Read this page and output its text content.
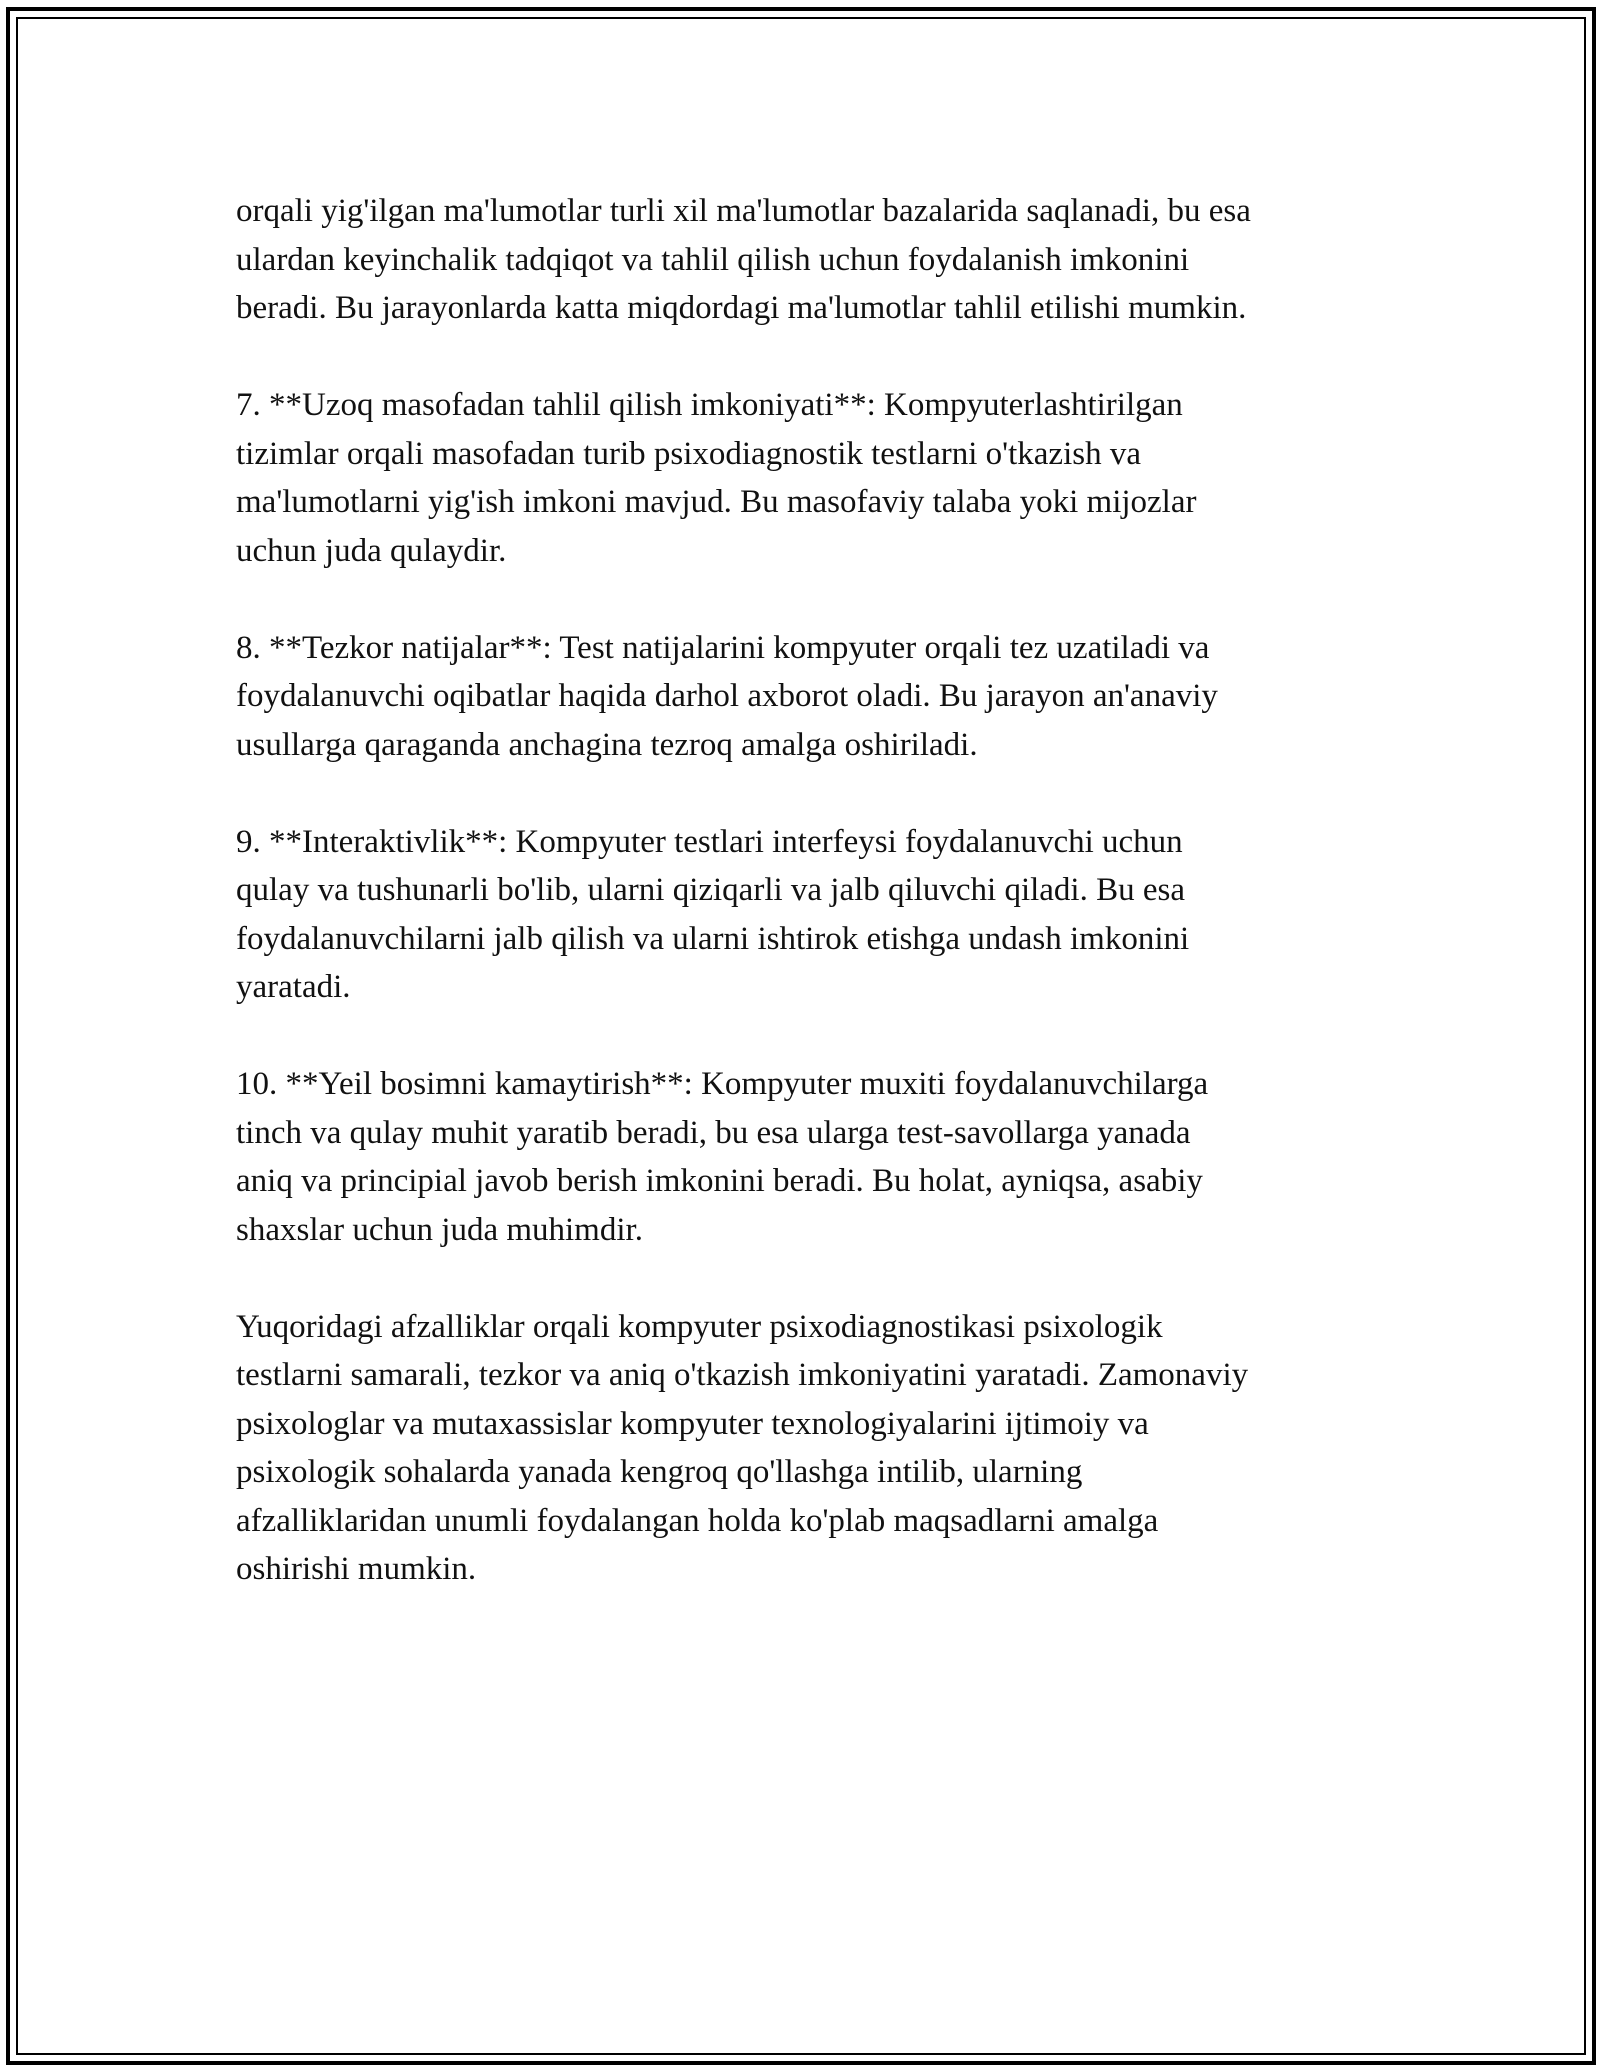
orqali yig'ilgan ma'lumotlar turli xil ma'lumotlar bazalarida saqlanadi, bu esa
ulardan keyinchalik tadqiqot va tahlil qilish uchun foydalanish imkonini
beradi. Bu jarayonlarda katta miqdordagi ma'lumotlar tahlil etilishi mumkin.

7. **Uzoq masofadan tahlil qilish imkoniyati**: Kompyuterlashtirilgan
tizimlar orqali masofadan turib psixodiagnostik testlarni o'tkazish va
ma'lumotlarni yig'ish imkoni mavjud. Bu masofaviy talaba yoki mijozlar
uchun juda qulaydir.

8. **Tezkor natijalar**: Test natijalarini kompyuter orqali tez uzatiladi va
foydalanuvchi oqibatlar haqida darhol axborot oladi. Bu jarayon an'anaviy
usullarga qaraganda anchagina tezroq amalga oshiriladi.

9. **Interaktivlik**: Kompyuter testlari interfeysi foydalanuvchi uchun
qulay va tushunarli bo'lib, ularni qiziqarli va jalb qiluvchi qiladi. Bu esa
foydalanuvchilarni jalb qilish va ularni ishtirok etishga undash imkonini
yaratadi.

10. **Yeil bosimni kamaytirish**: Kompyuter muxiti foydalanuvchilarga
tinch va qulay muhit yaratib beradi, bu esa ularga test-savollarga yanada
aniq va principial javob berish imkonini beradi. Bu holat, ayniqsa, asabiy
shaxslar uchun juda muhimdir.

Yuqoridagi afzalliklar orqali kompyuter psixodiagnostikasi psixologik
testlarni samarali, tezkor va aniq o'tkazish imkoniyatini yaratadi. Zamonaviy
psixologlar va mutaxassislar kompyuter texnologiyalarini ijtimoiy va
psixologik sohalarda yanada kengroq qo'llashga intilib, ularning
afzalliklaridan unumli foydalangan holda ko'plab maqsadlarni amalga
oshirishi mumkin.
